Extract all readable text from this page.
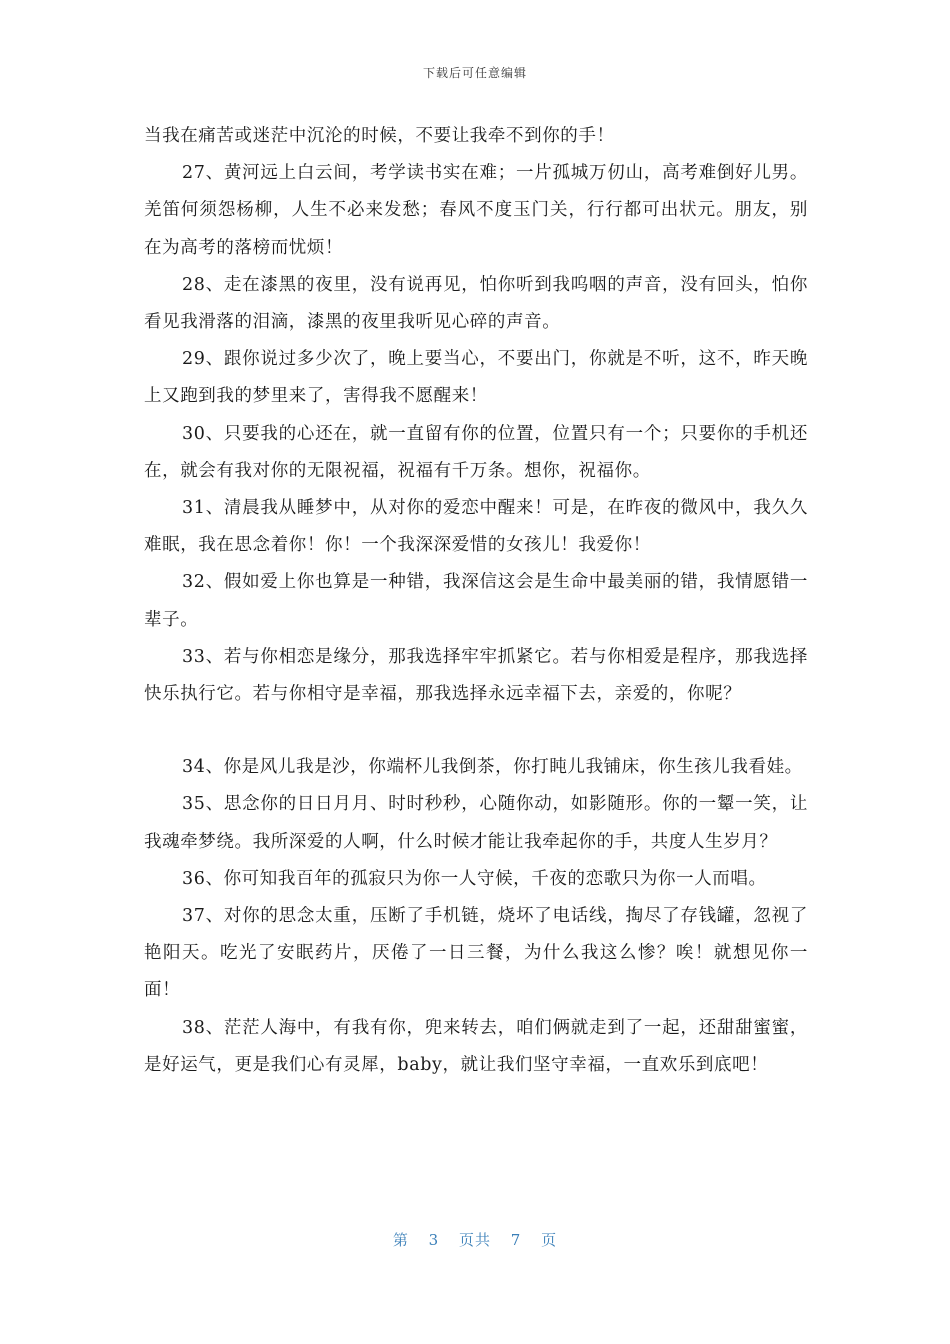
下载后可任意编辑

当我在痛苦或迷茫中沉沦的时候，不要让我牵不到你的手！

27、黄河远上白云间，考学读书实在难；一片孤城万仞山，高考难倒好儿男。羌笛何须怨杨柳，人生不必来发愁；春风不度玉门关，行行都可出状元。朋友，别在为高考的落榜而忧烦！

28、走在漆黑的夜里，没有说再见，怕你听到我呜咽的声音，没有回头，怕你看见我滑落的泪滴，漆黑的夜里我听见心碎的声音。

29、跟你说过多少次了，晚上要当心，不要出门，你就是不听，这不，昨天晚上又跑到我的梦里来了，害得我不愿醒来！

30、只要我的心还在，就一直留有你的位置，位置只有一个；只要你的手机还在，就会有我对你的无限祝福，祝福有千万条。想你，祝福你。

31、清晨我从睡梦中，从对你的爱恋中醒来！可是，在昨夜的微风中，我久久难眠，我在思念着你！你！一个我深深爱惜的女孩儿！我爱你！

32、假如爱上你也算是一种错，我深信这会是生命中最美丽的错，我情愿错一辈子。

33、若与你相恋是缘分，那我选择牢牢抓紧它。若与你相爱是程序，那我选择快乐执行它。若与你相守是幸福，那我选择永远幸福下去，亲爱的，你呢？

34、你是风儿我是沙，你端杯儿我倒茶，你打盹儿我铺床，你生孩儿我看娃。

35、思念你的日日月月、时时秒秒，心随你动，如影随形。你的一颦一笑，让我魂牵梦绕。我所深爱的人啊，什么时候才能让我牵起你的手，共度人生岁月？

36、你可知我百年的孤寂只为你一人守候，千夜的恋歌只为你一人而唱。

37、对你的思念太重，压断了手机链，烧坏了电话线，掏尽了存钱罐，忽视了艳阳天。吃光了安眠药片，厌倦了一日三餐，为什么我这么惨？唉！就想见你一面！

38、茫茫人海中，有我有你，兜来转去，咱们俩就走到了一起，还甜甜蜜蜜，是好运气，更是我们心有灵犀，baby，就让我们坚守幸福，一直欢乐到底吧！

第 3 页共 7 页
